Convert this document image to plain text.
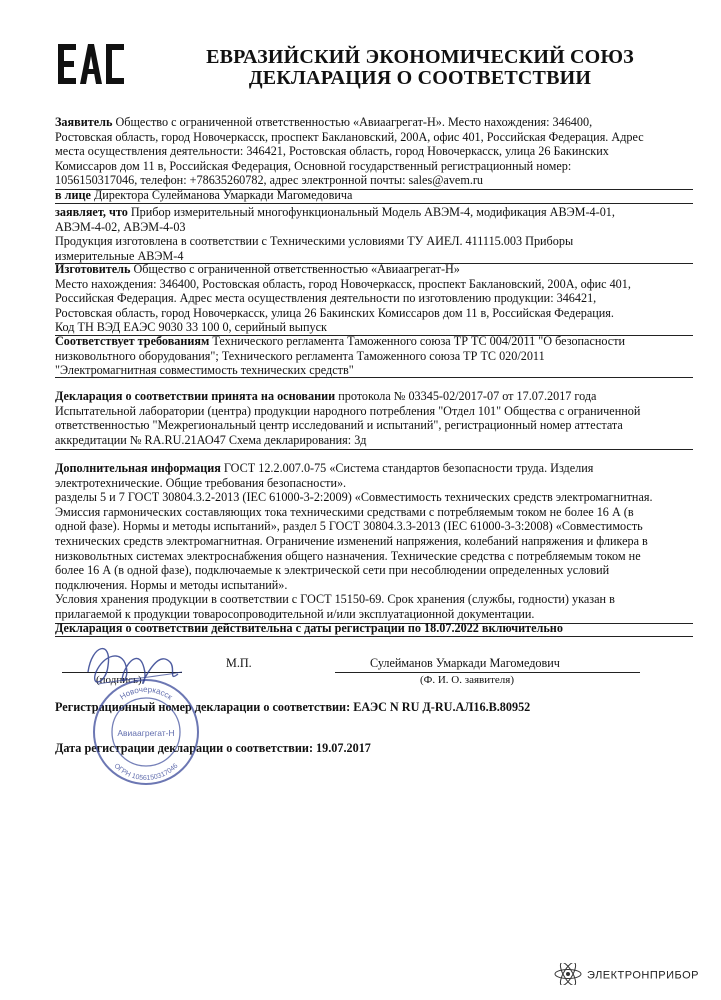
ЕВРАЗИЙСКИЙ ЭКОНОМИЧЕСКИЙ СОЮЗ
ДЕКЛАРАЦИЯ О СООТВЕТСТВИИ
Заявитель Общество с ограниченной ответственностью «Авиаагрегат-Н». Место нахождения: 346400,
Ростовская область, город Новочеркасск, проспект Баклановский, 200А, офис 401, Российская Федерация. Адрес
места осуществления деятельности: 346421, Ростовская область, город Новочеркасск, улица 26 Бакинских
Комиссаров дом 11 в, Российская Федерация, Основной государственный регистрационный номер:
1056150317046, телефон: +78635260782, адрес электронной почты: sales@avem.ru
в лице Директора Сулейманова Умаркади Магомедовича
заявляет, что Прибор измерительный многофункциональный Модель АВЭМ-4, модификация АВЭМ-4-01,
АВЭМ-4-02, АВЭМ-4-03
Продукция изготовлена в соответствии с Техническими условиями ТУ АИЕЛ. 411115.003 Приборы
измерительные АВЭМ-4
Изготовитель Общество с ограниченной ответственностью «Авиаагрегат-Н»
Место нахождения: 346400, Ростовская область, город Новочеркасск, проспект Баклановский, 200А, офис 401,
Российская Федерация. Адрес места осуществления деятельности по изготовлению продукции: 346421,
Ростовская область, город Новочеркасск, улица 26 Бакинских Комиссаров дом 11 в, Российская Федерация.
Код ТН ВЭД ЕАЭС 9030 33 100 0, серийный выпуск
Соответствует требованиям Технического регламента Таможенного союза ТР ТС 004/2011 "О безопасности
низковольтного оборудования"; Технического регламента Таможенного союза ТР ТС 020/2011
"Электромагнитная совместимость технических средств"
Декларация о соответствии принята на основании протокола № 03345-02/2017-07 от 17.07.2017 года
Испытательной лаборатории (центра) продукции народного потребления "Отдел 101" Общества с ограниченной
ответственностью "Межрегиональный центр исследований и испытаний", регистрационный номер аттестата
аккредитации № RA.RU.21АО47 Схема декларирования: 3д
Дополнительная информация ГОСТ 12.2.007.0-75 «Система стандартов безопасности труда. Изделия
электротехнические. Общие требования безопасности».
разделы 5 и 7 ГОСТ 30804.3.2-2013 (IEC 61000-3-2:2009) «Совместимость технических средств электромагнитная.
Эмиссия гармонических составляющих тока техническими средствами с потребляемым током не более 16 А (в
одной фазе). Нормы и методы испытаний», раздел 5 ГОСТ 30804.3.3-2013 (IEC 61000-3-3:2008) «Совместимость
технических средств электромагнитная. Ограничение изменений напряжения, колебаний напряжения и фликера в
низковольтных системах электроснабжения общего назначения. Технические средства с потребляемым током не
более 16 А (в одной фазе), подключаемые к электрической сети при несоблюдении определенных условий
подключения. Нормы и методы испытаний».
Условия хранения продукции в соответствии с ГОСТ 15150-69. Срок хранения (службы, годности) указан в
прилагаемой к продукции товаросопроводительной и/или эксплуатационной документации.
Декларация о соответствии действительна с даты регистрации по 18.07.2022 включительно
(подпись)
М.П.	Сулейманов Умаркади Магомедович
(Ф. И. О. заявителя)
Регистрационный номер декларации о соответствии: ЕАЭС N RU Д-RU.АЛ16.В.80952
Дата регистрации декларации о соответствии: 19.07.2017
Новочеркасск
ОГРН 1056150317046
Авиаагрегат-Н
ЭЛЕКТРОНПРИБОР
